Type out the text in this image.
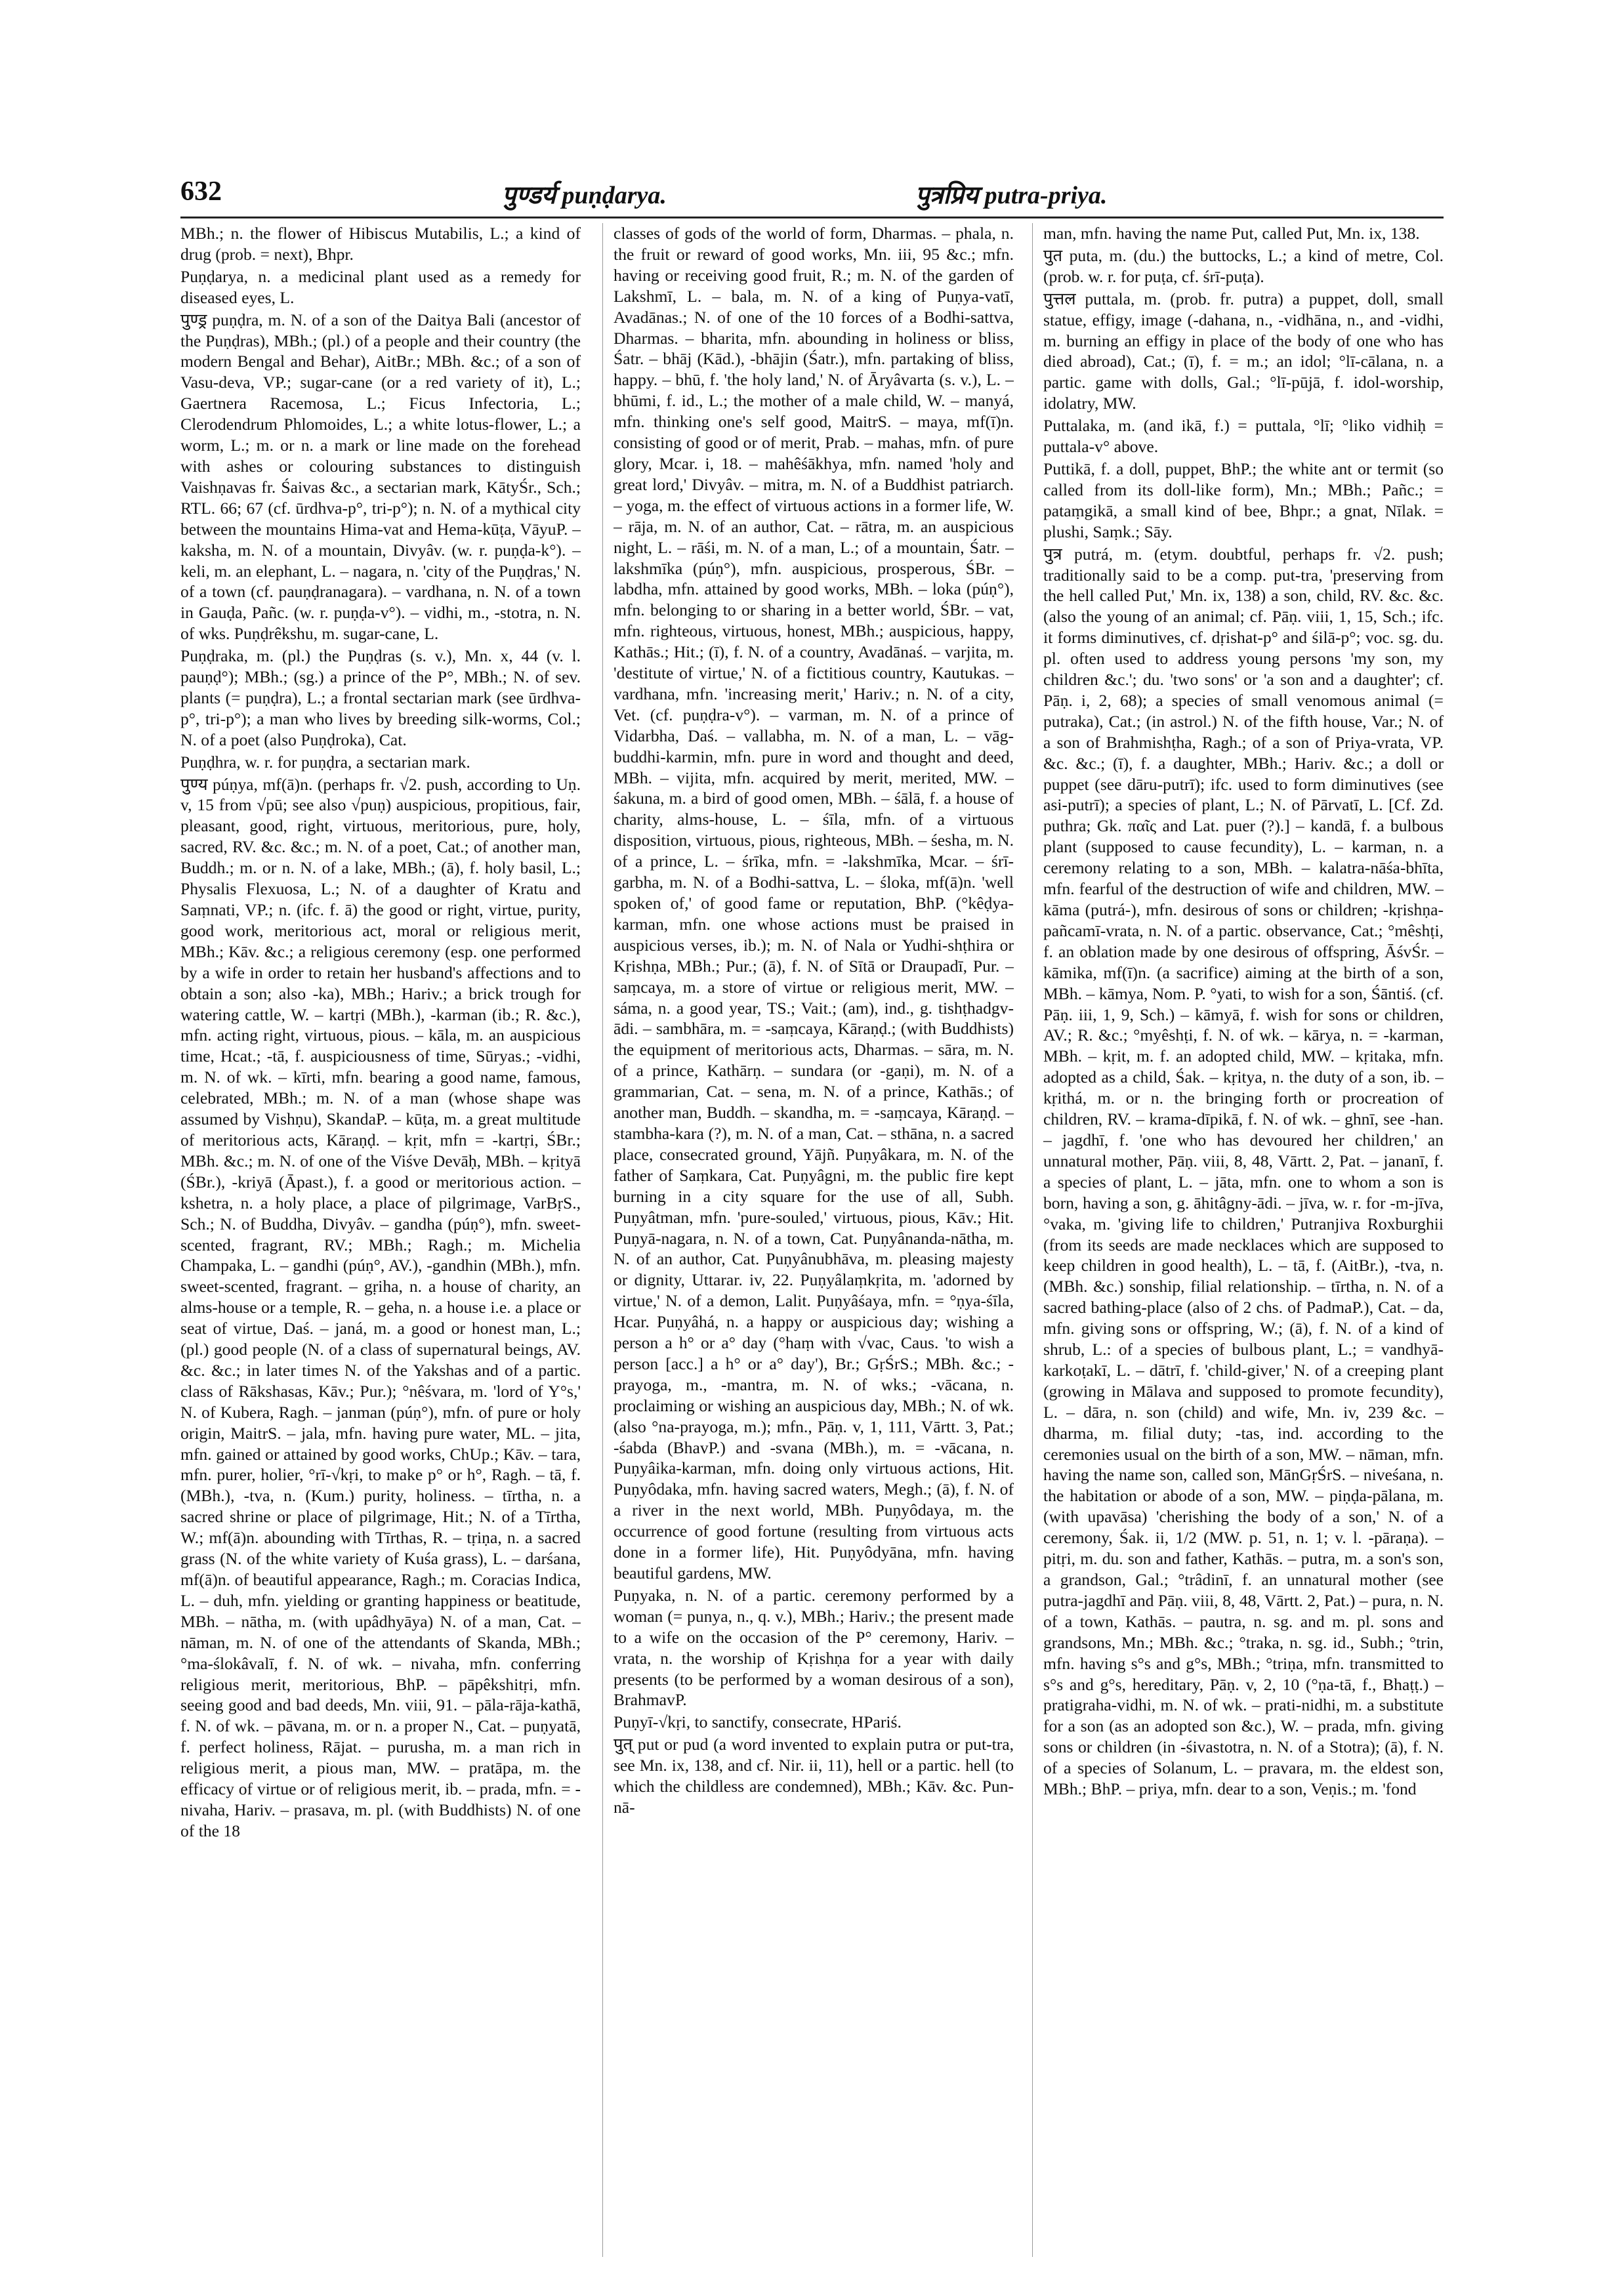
632	पुण्डर्य puṇḍarya.	पुत्रप्रिय putra-priya.

MBh.; n. the flower of Hibiscus Mutabilis, L.; a kind of drug (prob. = next), Bhpr.

Puṇḍarya, n. a medicinal plant used as a remedy for diseased eyes, L.

पुण्ड्र puṇḍra, m. N. of a son of the Daitya Bali (ancestor of the Puṇḍras), MBh.; (pl.) of a people and their country (the modern Bengal and Behar), AitBr.; MBh. &c.; of a son of Vasu-deva, VP.; sugar-cane (or a red variety of it), L.; Gaertnera Racemosa, L.; Ficus Infectoria, L.; Clerodendrum Phlomoides, L.; a white lotus-flower, L.; a worm, L.; m. or n. a mark or line made on the forehead with ashes or colouring substances to distinguish Vaishṇavas fr. Śaivas &c., a sectarian mark, KātyŚr., Sch.; RTL. 66; 67 (cf. ūrdhva-p°, tri-p°); n. N. of a mythical city between the mountains Hima-vat and Hema-kūṭa, VāyuP. – kaksha, m. N. of a mountain, Divyâv. (w. r. puṇḍa-k°). – keli, m. an elephant, L. – nagara, n. 'city of the Puṇḍras,' N. of a town (cf. pauṇḍranagara). – vardhana, n. N. of a town in Gauḍa, Pañc. (w. r. puṇḍa-v°). – vidhi, m., -stotra, n. N. of wks. Puṇḍrêkshu, m. sugar-cane, L.

Puṇḍraka, m. (pl.) the Puṇḍras (s. v.), Mn. x, 44 (v. l. pauṇḍ°); MBh.; (sg.) a prince of the P°, MBh.; N. of sev. plants (= puṇḍra), L.; a frontal sectarian mark (see ūrdhva-p°, tri-p°); a man who lives by breeding silk-worms, Col.; N. of a poet (also Puṇḍroka), Cat.

Puṇḍhra, w. r. for puṇḍra, a sectarian mark.

पुण्य púṇya, mf(ā)n. (perhaps fr. √2. push, according to Uṇ. v, 15 from √pū; see also √puṇ) auspicious, propitious, fair, pleasant, good, right, virtuous, meritorious, pure, holy, sacred, RV. &c. &c.; m. N. of a poet, Cat.; of another man, Buddh.; m. or n. N. of a lake, MBh.; (ā), f. holy basil, L.; Physalis Flexuosa, L.; N. of a daughter of Kratu and Saṃnati, VP.; n. (ifc. f. ā) the good or right, virtue, purity, good work, meritorious act, moral or religious merit, MBh.; Kāv. &c.; a religious ceremony (esp. one performed by a wife in order to retain her husband's affections and to obtain a son; also -ka), MBh.; Hariv.; a brick trough for watering cattle, W. – kartṛi (MBh.), -karman (ib.; R. &c.), mfn. acting right, virtuous, pious. – kāla, m. an auspicious time, Hcat.; -tā, f. auspiciousness of time, Sūryas.; -vidhi, m. N. of wk. – kīrti, mfn. bearing a good name, famous, celebrated, MBh.; m. N. of a man (whose shape was assumed by Vishṇu), SkandaP. – kūṭa, m. a great multitude of meritorious acts, Kāraṇḍ. – kṛit, mfn = -kartṛi, ŚBr.; MBh. &c.; m. N. of one of the Viśve Devāḥ, MBh. – kṛityā (ŚBr.), -kriyā (Āpast.), f. a good or meritorious action. – kshetra, n. a holy place, a place of pilgrimage, VarBṛS., Sch.; N. of Buddha, Divyâv. – gandha (púṇ°), mfn. sweet-scented, fragrant, RV.; MBh.; Ragh.; m. Michelia Champaka, L. – gandhi (púṇ°, AV.), -gandhin (MBh.), mfn. sweet-scented, fragrant. – gṛiha, n. a house of charity, an alms-house or a temple, R. – geha, n. a house i.e. a place or seat of virtue, Daś. – janá, m. a good or honest man, L.; (pl.) good people (N. of a class of supernatural beings, AV. &c. &c.; in later times N. of the Yakshas and of a partic. class of Rākshasas, Kāv.; Pur.); °nêśvara, m. 'lord of Y°s,' N. of Kubera, Ragh. – janman (púṇ°), mfn. of pure or holy origin, MaitrS. – jala, mfn. having pure water, ML. – jita, mfn. gained or attained by good works, ChUp.; Kāv. – tara, mfn. purer, holier, °rī-√kṛi, to make p° or h°, Ragh. – tā, f. (MBh.), -tva, n. (Kum.) purity, holiness. – tīrtha, n. a sacred shrine or place of pilgrimage, Hit.; N. of a Tīrtha, W.; mf(ā)n. abounding with Tīrthas, R. – tṛiṇa, n. a sacred grass (N. of the white variety of Kuśa grass), L. – darśana, mf(ā)n. of beautiful appearance, Ragh.; m. Coracias Indica, L. – duh, mfn. yielding or granting happiness or beatitude, MBh. – nātha, m. (with upâdhyāya) N. of a man, Cat. – nāman, m. N. of one of the attendants of Skanda, MBh.; °ma-ślokâvalī, f. N. of wk. – nivaha, mfn. conferring religious merit, meritorious, BhP. – pāpêkshitṛi, mfn. seeing good and bad deeds, Mn. viii, 91. – pāla-rāja-kathā, f. N. of wk. – pāvana, m. or n. a proper N., Cat. – puṇyatā, f. perfect holiness, Rājat. – purusha, m. a man rich in religious merit, a pious man, MW. – pratāpa, m. the efficacy of virtue or of religious merit, ib. – prada, mfn. = -nivaha, Hariv. – prasava, m. pl. (with Buddhists) N. of one of the 18

classes of gods of the world of form, Dharmas. – phala, n. the fruit or reward of good works, Mn. iii, 95 &c.; mfn. having or receiving good fruit, R.; m. N. of the garden of Lakshmī, L. – bala, m. N. of a king of Puṇya-vatī, Avadānas.; N. of one of the 10 forces of a Bodhi-sattva, Dharmas. – bharita, mfn. abounding in holiness or bliss, Śatr. – bhāj (Kād.), -bhājin (Śatr.), mfn. partaking of bliss, happy. – bhū, f. 'the holy land,' N. of Āryâvarta (s. v.), L. – bhūmi, f. id., L.; the mother of a male child, W. – manyá, mfn. thinking one's self good, MaitrS. – maya, mf(ī)n. consisting of good or of merit, Prab. – mahas, mfn. of pure glory, Mcar. i, 18. – mahêśākhya, mfn. named 'holy and great lord,' Divyâv. – mitra, m. N. of a Buddhist patriarch. – yoga, m. the effect of virtuous actions in a former life, W. – rāja, m. N. of an author, Cat. – rātra, m. an auspicious night, L. – rāśi, m. N. of a man, L.; of a mountain, Śatr. – lakshmīka (púṇ°), mfn. auspicious, prosperous, ŚBr. – labdha, mfn. attained by good works, MBh. – loka (púṇ°), mfn. belonging to or sharing in a better world, ŚBr. – vat, mfn. righteous, virtuous, honest, MBh.; auspicious, happy, Kathās.; Hit.; (ī), f. N. of a country, Avadānaś. – varjita, m. 'destitute of virtue,' N. of a fictitious country, Kautukas. – vardhana, mfn. 'increasing merit,' Hariv.; n. N. of a city, Vet. (cf. puṇḍra-v°). – varman, m. N. of a prince of Vidarbha, Daś. – vallabha, m. N. of a man, L. – vāg-buddhi-karmin, mfn. pure in word and thought and deed, MBh. – vijita, mfn. acquired by merit, merited, MW. – śakuna, m. a bird of good omen, MBh. – śālā, f. a house of charity, alms-house, L. – śīla, mfn. of a virtuous disposition, virtuous, pious, righteous, MBh. – śesha, m. N. of a prince, L. – śrīka, mfn. = -lakshmīka, Mcar. – śrī-garbha, m. N. of a Bodhi-sattva, L. – śloka, mf(ā)n. 'well spoken of,' of good fame or reputation, BhP. (°kêḍya-karman, mfn. one whose actions must be praised in auspicious verses, ib.); m. N. of Nala or Yudhi-shṭhira or Kṛishṇa, MBh.; Pur.; (ā), f. N. of Sītā or Draupadī, Pur. – saṃcaya, m. a store of virtue or religious merit, MW. – sáma, n. a good year, TS.; Vait.; (am), ind., g. tishṭhadgv-ādi. – sambhāra, m. = -saṃcaya, Kāraṇḍ.; (with Buddhists) the equipment of meritorious acts, Dharmas. – sāra, m. N. of a prince, Kathārṇ. – sundara (or -gaṇi), m. N. of a grammarian, Cat. – sena, m. N. of a prince, Kathās.; of another man, Buddh. – skandha, m. = -saṃcaya, Kāraṇḍ. – stambha-kara (?), m. N. of a man, Cat. – sthāna, n. a sacred place, consecrated ground, Yājñ. Puṇyâkara, m. N. of the father of Saṃkara, Cat. Puṇyâgni, m. the public fire kept burning in a city square for the use of all, Subh. Puṇyâtman, mfn. 'pure-souled,' virtuous, pious, Kāv.; Hit. Puṇyā-nagara, n. N. of a town, Cat. Puṇyânanda-nātha, m. N. of an author, Cat. Puṇyânubhāva, m. pleasing majesty or dignity, Uttarar. iv, 22. Puṇyâlaṃkṛita, m. 'adorned by virtue,' N. of a demon, Lalit. Puṇyâśaya, mfn. = °ṇya-śīla, Hcar. Puṇyâhá, n. a happy or auspicious day; wishing a person a h° or a° day (°haṃ with √vac, Caus. 'to wish a person [acc.] a h° or a° day'), Br.; GṛŚrS.; MBh. &c.; -prayoga, m., -mantra, m. N. of wks.; -vācana, n. proclaiming or wishing an auspicious day, MBh.; N. of wk. (also °na-prayoga, m.); mfn., Pāṇ. v, 1, 111, Vārtt. 3, Pat.; -śabda (BhavP.) and -svana (MBh.), m. = -vācana, n. Puṇyâika-karman, mfn. doing only virtuous actions, Hit. Puṇyôdaka, mfn. having sacred waters, Megh.; (ā), f. N. of a river in the next world, MBh. Puṇyôdaya, m. the occurrence of good fortune (resulting from virtuous acts done in a former life), Hit. Puṇyôdyāna, mfn. having beautiful gardens, MW.

Puṇyaka, n. N. of a partic. ceremony performed by a woman (= punya, n., q. v.), MBh.; Hariv.; the present made to a wife on the occasion of the P° ceremony, Hariv. – vrata, n. the worship of Kṛishṇa for a year with daily presents (to be performed by a woman desirous of a son), BrahmavP.

Puṇyī-√kṛi, to sanctify, consecrate, HPariś.

पुत् put or pud (a word invented to explain putra or put-tra, see Mn. ix, 138, and cf. Nir. ii, 11), hell or a partic. hell (to which the childless are condemned), MBh.; Kāv. &c. Pun-nā-

man, mfn. having the name Put, called Put, Mn. ix, 138.

पुत puta, m. (du.) the buttocks, L.; a kind of metre, Col. (prob. w. r. for puṭa, cf. śrī-puṭa).

पुत्तल puttala, m. (prob. fr. putra) a puppet, doll, small statue, effigy, image (-dahana, n., -vidhāna, n., and -vidhi, m. burning an effigy in place of the body of one who has died abroad), Cat.; (ī), f. = m.; an idol; °lī-cālana, n. a partic. game with dolls, Gal.; °lī-pūjā, f. idol-worship, idolatry, MW.

Puttalaka, m. (and ikā, f.) = puttala, °lī; °liko vidhiḥ = puttala-v° above.

Puttikā, f. a doll, puppet, BhP.; the white ant or termit (so called from its doll-like form), Mn.; MBh.; Pañc.; = pataṃgikā, a small kind of bee, Bhpr.; a gnat, Nīlak. = plushi, Saṃk.; Sāy.

पुत्र putrá, m. (etym. doubtful, perhaps fr. √2. push; traditionally said to be a comp. put-tra, 'preserving from the hell called Put,' Mn. ix, 138) a son, child, RV. &c. &c. (also the young of an animal; cf. Pāṇ. viii, 1, 15, Sch.; ifc. it forms diminutives, cf. dṛishat-p° and śilā-p°; voc. sg. du. pl. often used to address young persons 'my son, my children &c.'; du. 'two sons' or 'a son and a daughter'; cf. Pāṇ. i, 2, 68); a species of small venomous animal (= putraka), Cat.; (in astrol.) N. of the fifth house, Var.; N. of a son of Brahmishṭha, Ragh.; of a son of Priya-vrata, VP. &c. &c.; (ī), f. a daughter, MBh.; Hariv. &c.; a doll or puppet (see dāru-putrī); ifc. used to form diminutives (see asi-putrī); a species of plant, L.; N. of Pārvatī, L. [Cf. Zd. puthra; Gk. παῖς and Lat. puer (?).] – kandā, f. a bulbous plant (supposed to cause fecundity), L. – karman, n. a ceremony relating to a son, MBh. – kalatra-nāśa-bhīta, mfn. fearful of the destruction of wife and children, MW. – kāma (putrá-), mfn. desirous of sons or children; -kṛishṇa-pañcamī-vrata, n. N. of a partic. observance, Cat.; °mêshṭi, f. an oblation made by one desirous of offspring, ĀśvŚr. – kāmika, mf(ī)n. (a sacrifice) aiming at the birth of a son, MBh. – kāmya, Nom. P. °yati, to wish for a son, Śāntiś. (cf. Pāṇ. iii, 1, 9, Sch.) – kāmyā, f. wish for sons or children, AV.; R. &c.; °myêshṭi, f. N. of wk. – kārya, n. = -karman, MBh. – kṛit, m. f. an adopted child, MW. – kṛitaka, mfn. adopted as a child, Śak. – kṛitya, n. the duty of a son, ib. – kṛithá, m. or n. the bringing forth or procreation of children, RV. – krama-dīpikā, f. N. of wk. – ghnī, see -han. – jagdhī, f. 'one who has devoured her children,' an unnatural mother, Pāṇ. viii, 8, 48, Vārtt. 2, Pat. – jananī, f. a species of plant, L. – jāta, mfn. one to whom a son is born, having a son, g. āhitâgny-ādi. – jīva, w. r. for -m-jīva, °vaka, m. 'giving life to children,' Putranjiva Roxburghii (from its seeds are made necklaces which are supposed to keep children in good health), L. – tā, f. (AitBr.), -tva, n. (MBh. &c.) sonship, filial relationship. – tīrtha, n. N. of a sacred bathing-place (also of 2 chs. of PadmaP.), Cat. – da, mfn. giving sons or offspring, W.; (ā), f. N. of a kind of shrub, L.: of a species of bulbous plant, L.; = vandhyā-karkoṭakī, L. – dātrī, f. 'child-giver,' N. of a creeping plant (growing in Mālava and supposed to promote fecundity), L. – dāra, n. son (child) and wife, Mn. iv, 239 &c. – dharma, m. filial duty; -tas, ind. according to the ceremonies usual on the birth of a son, MW. – nāman, mfn. having the name son, called son, MānGṛŚrS. – niveśana, n. the habitation or abode of a son, MW. – piṇḍa-pālana, m. (with upavāsa) 'cherishing the body of a son,' N. of a ceremony, Śak. ii, 1/2 (MW. p. 51, n. 1; v. l. -pāraṇa). – pitṛi, m. du. son and father, Kathās. – putra, m. a son's son, a grandson, Gal.; °trâdinī, f. an unnatural mother (see putra-jagdhī and Pāṇ. viii, 8, 48, Vārtt. 2, Pat.) – pura, n. N. of a town, Kathās. – pautra, n. sg. and m. pl. sons and grandsons, Mn.; MBh. &c.; °traka, n. sg. id., Subh.; °trin, mfn. having s°s and g°s, MBh.; °triṇa, mfn. transmitted to s°s and g°s, hereditary, Pāṇ. v, 2, 10 (°ṇa-tā, f., Bhaṭṭ.) – pratigraha-vidhi, m. N. of wk. – prati-nidhi, m. a substitute for a son (as an adopted son &c.), W. – prada, mfn. giving sons or children (in -śivastotra, n. N. of a Stotra); (ā), f. N. of a species of Solanum, L. – pravara, m. the eldest son, MBh.; BhP. – priya, mfn. dear to a son, Veṇis.; m. 'fond
